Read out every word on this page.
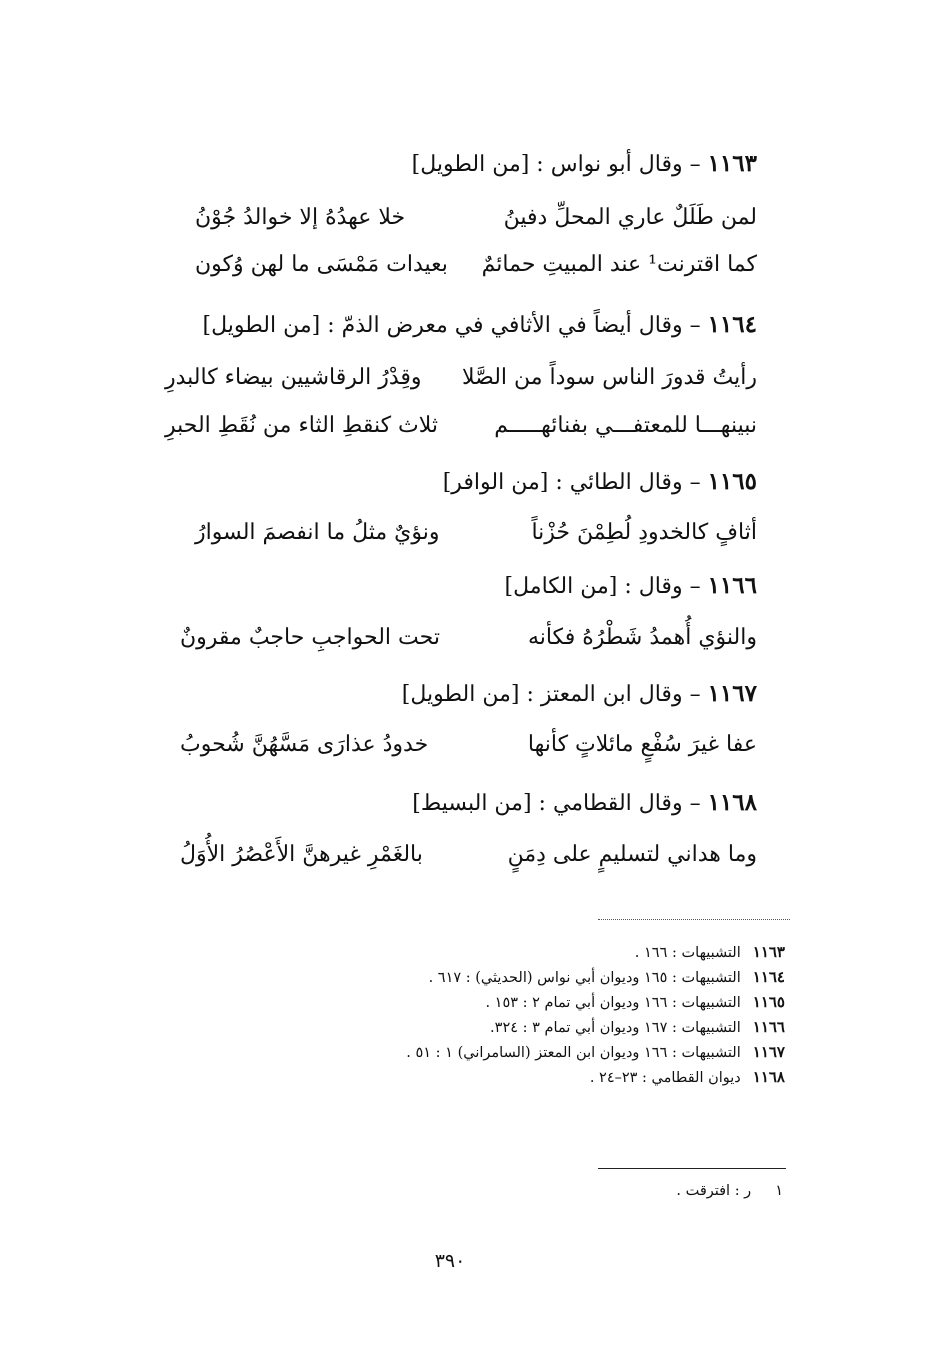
١١٦٣ – وقال أبو نواس : [من الطويل]
لمن طَلَلٌ عاري المحلِّ دفينُ
خلا عهدُهُ إلا خوالدُ جُوْنُ
كما اقترنت¹ عند المبيتِ حمائمٌ
بعيدات مَمْسَى ما لهن وُكون
١١٦٤ – وقال أيضاً في الأثافي في معرض الذمّ : [من الطويل]
رأيتُ قدورَ الناس سوداً من الصَّلا
وقِدْرُ الرقاشيين بيضاء كالبدرِ
نبينهـــا للمعتفـــي بفنائهـــــم
ثلاث كنقطِ الثاء من نُقَطِ الحبرِ
١١٦٥ – وقال الطائي : [من الوافر]
أثافٍ كالخدودِ لُطِمْنَ حُزْناً
ونؤيٌ مثلُ ما انفصمَ السوارُ
١١٦٦ – وقال : [من الكامل]
والنؤي أُهمدُ شَطْرُهُ فكأنه
تحت الحواجبِ حاجبٌ مقرونٌ
١١٦٧ – وقال ابن المعتز : [من الطويل]
عفا غيرَ سُفْعٍ مائلاتٍ كأنها
خدودُ عذارَى مَسَّهُنَّ شُحوبُ
١١٦٨ – وقال القطامي : [من البسيط]
وما هداني لتسليمٍ على دِمَنٍ
بالغَمْرِ غيرهنَّ الأَعْصُرُ الأُوَلُ
١١٦٣التشبيهات : ١٦٦ .
١١٦٤التشبيهات : ١٦٥ وديوان أبي نواس (الحديثي) : ٦١٧ .
١١٦٥التشبيهات : ١٦٦ وديوان أبي تمام ٢ : ١٥٣ .
١١٦٦التشبيهات : ١٦٧ وديوان أبي تمام ٣ : ٣٢٤.
١١٦٧التشبيهات : ١٦٦ وديوان ابن المعتز (السامراني) ١ : ٥١ .
١١٦٨ديوان القطامي : ٢٣–٢٤ .
١ر : افترقت .
٣٩٠
